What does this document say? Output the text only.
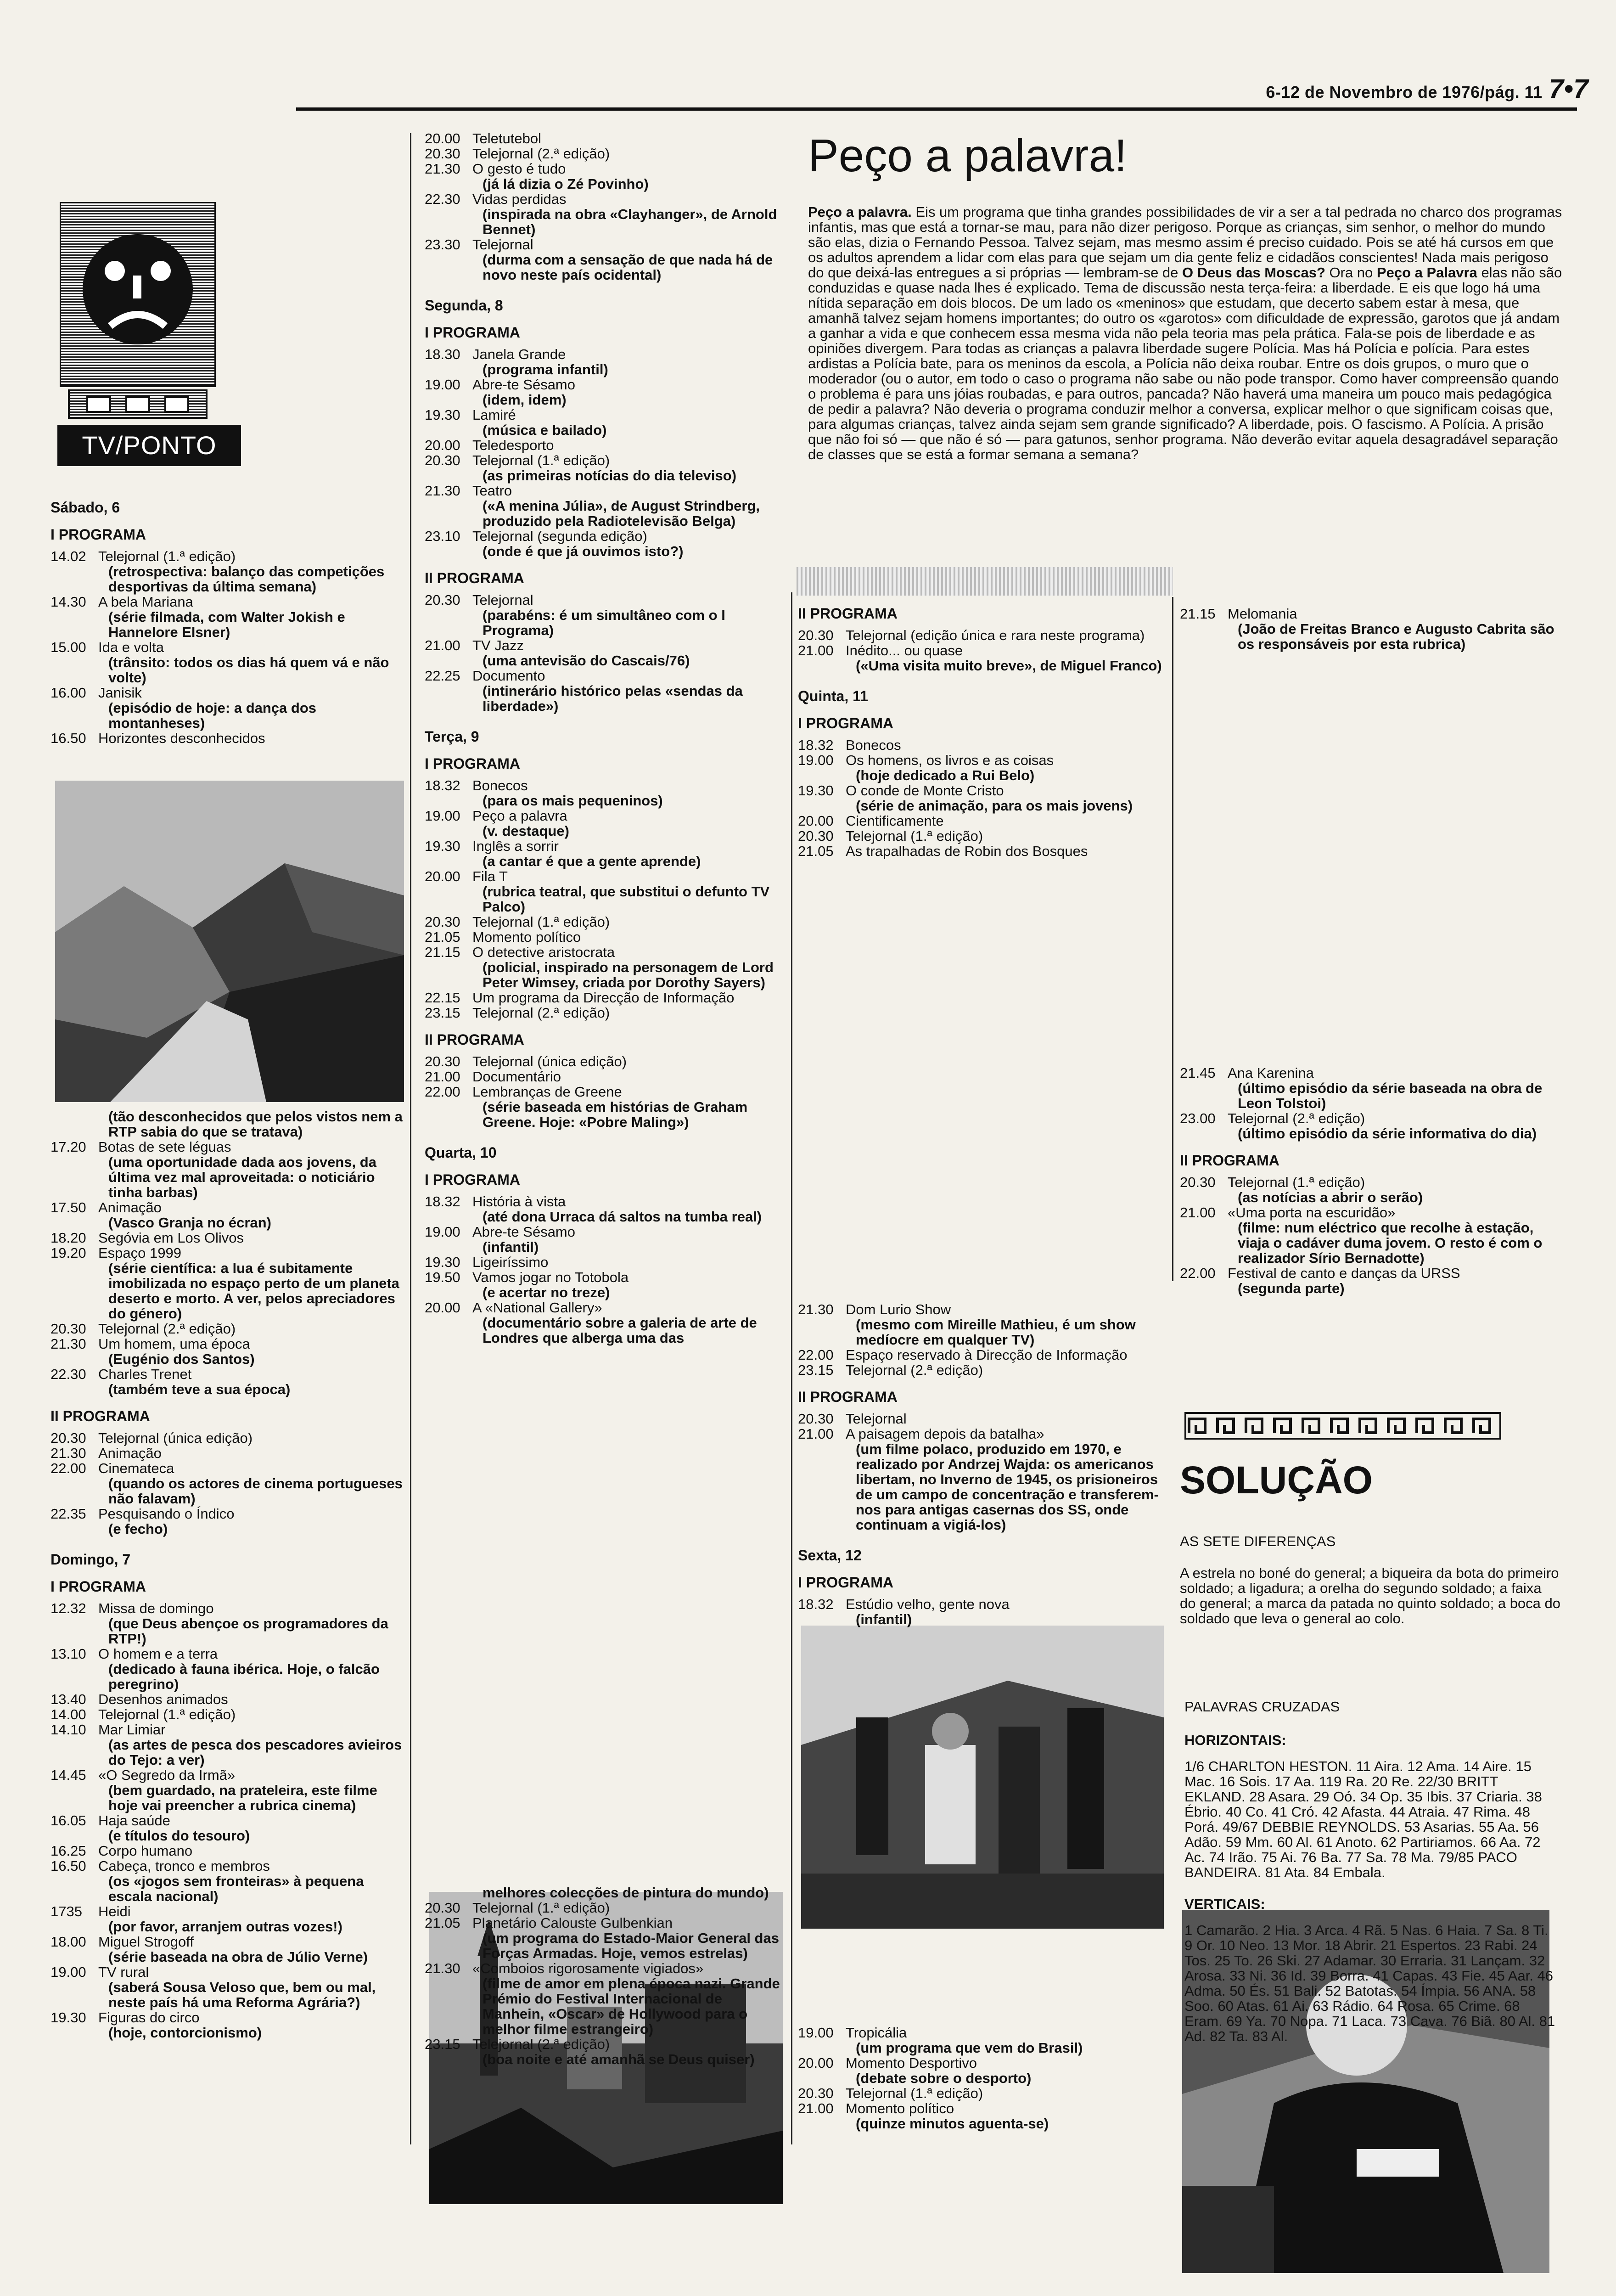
6-12 de Novembro de 1976/pág. 11 7•7
TV/PONTO
Sábado, 6
I PROGRAMA

14.02 Telejornal (1.ª edição)
(retrospectiva: balanço das competições desportivas da última semana)

14.30 A bela Mariana
(série filmada, com Walter Jokish e Hannelore Elsner)

15.00 Ida e volta
(trânsito: todos os dias há quem vá e não volte)

16.00 Janisik
(episódio de hoje: a dança dos montanheses)

16.50 Horizontes desconhecidos

(tão desconhecidos que pelos vistos nem a RTP sabia do que se tratava)

17.20 Botas de sete léguas
(uma oportunidade dada aos jovens, da última vez mal aproveitada: o noticiário tinha barbas)

17.50 Animação
(Vasco Granja no écran)

18.20 Segóvia em Los Olivos

19.20 Espaço 1999
(série científica: a lua é subitamente imobilizada no espaço perto de um planeta deserto e morto. A ver, pelos apreciadores do género)

20.30 Telejornal (2.ª edição)

21.30 Um homem, uma época
(Eugénio dos Santos)

22.30 Charles Trenet
(também teve a sua época)

II PROGRAMA

20.30 Telejornal (única edição)

21.30 Animação

22.00 Cinemateca
(quando os actores de cinema portugueses não falavam)

22.35 Pesquisando o Índico
(e fecho)

Domingo, 7
I PROGRAMA

12.32 Missa de domingo
(que Deus abençoe os programadores da RTP!)

13.10 O homem e a terra
(dedicado à fauna ibérica. Hoje, o falcão peregrino)

13.40 Desenhos animados

14.00 Telejornal (1.ª edição)

14.10 Mar Limiar
(as artes de pesca dos pescadores avieiros do Tejo: a ver)

14.45 «O Segredo da Irmã»
(bem guardado, na prateleira, este filme hoje vai preencher a rubrica cinema)

16.05 Haja saúde
(e títulos do tesouro)

16.25 Corpo humano

16.50 Cabeça, tronco e membros
(os «jogos sem fronteiras» à pequena escala nacional)

1735 Heidi
(por favor, arranjem outras vozes!)

18.00 Miguel Strogoff
(série baseada na obra de Júlio Verne)

19.00 TV rural
(saberá Sousa Veloso que, bem ou mal, neste país há uma Reforma Agrária?)

19.30 Figuras do circo
(hoje, contorcionismo)

20.00 Teletutebol

20.30 Telejornal (2.ª edição)

21.30 O gesto é tudo
(já lá dizia o Zé Povinho)

22.30 Vidas perdidas
(inspirada na obra «Clayhanger», de Arnold Bennet)

23.30 Telejornal
(durma com a sensação de que nada há de novo neste país ocidental)

Segunda, 8
I PROGRAMA

18.30 Janela Grande
(programa infantil)

19.00 Abre-te Sésamo
(idem, idem)

19.30 Lamiré
(música e bailado)

20.00 Teledesporto

20.30 Telejornal (1.ª edição)
(as primeiras notícias do dia televiso)

21.30 Teatro
(«A menina Júlia», de August Strindberg, produzido pela Radiotelevisão Belga)

23.10 Telejornal (segunda edição)
(onde é que já ouvimos isto?)

II PROGRAMA

20.30 Telejornal
(parabéns: é um simultâneo com o I Programa)

21.00 TV Jazz
(uma antevisão do Cascais/76)

22.25 Documento
(intinerário histórico pelas «sendas da liberdade»)

Terça, 9
I PROGRAMA

18.32 Bonecos
(para os mais pequeninos)

19.00 Peço a palavra
(v. destaque)

19.30 Inglês a sorrir
(a cantar é que a gente aprende)

20.00 Fila T
(rubrica teatral, que substitui o defunto TV Palco)

20.30 Telejornal (1.ª edição)

21.05 Momento político

21.15 O detective aristocrata
(policial, inspirado na personagem de Lord Peter Wimsey, criada por Dorothy Sayers)

22.15 Um programa da Direcção de Informação

23.15 Telejornal (2.ª edição)

II PROGRAMA

20.30 Telejornal (única edição)

21.00 Documentário

22.00 Lembranças de Greene
(série baseada em histórias de Graham Greene. Hoje: «Pobre Maling»)

Quarta, 10
I PROGRAMA

18.32 História à vista
(até dona Urraca dá saltos na tumba real)

19.00 Abre-te Sésamo
(infantil)

19.30 Ligeiríssimo

19.50 Vamos jogar no Totobola
(e acertar no treze)

20.00 A «National Gallery»
(documentário sobre a galeria de arte de Londres que alberga uma das

melhores colecções de pintura do mundo)

20.30 Telejornal (1.ª edição)

21.05 Planetário Calouste Gulbenkian
(um programa do Estado-Maior General das Forças Armadas. Hoje, vemos estrelas)

21.30 «Comboios rigorosamente vigiados»
(filme de amor em plena época nazi. Grande Prémio do Festival Internacional de Manhein, «Oscar» de Hollywood para o melhor filme estrangeiro)

23.15 Telejornal (2.ª edição)
(boa noite e até amanhã se Deus quiser)

Peço a palavra!
Peço a palavra. Eis um programa que tinha grandes possibilidades de vir a ser a tal pedrada no charco dos programas infantis, mas que está a tornar-se mau, para não dizer perigoso. Porque as crianças, sim senhor, o melhor do mundo são elas, dizia o Fernando Pessoa. Talvez sejam, mas mesmo assim é preciso cuidado. Pois se até há cursos em que os adultos aprendem a lidar com elas para que sejam um dia gente feliz e cidadãos conscientes! Nada mais perigoso do que deixá-las entregues a si próprias — lembram-se de O Deus das Moscas? Ora no Peço a Palavra elas não são conduzidas e quase nada lhes é explicado. Tema de discussão nesta terça-feira: a liberdade. E eis que logo há uma nítida separação em dois blocos. De um lado os «meninos» que estudam, que decerto sabem estar à mesa, que amanhã talvez sejam homens importantes; do outro os «garotos» com dificuldade de expressão, garotos que já andam a ganhar a vida e que conhecem essa mesma vida não pela teoria mas pela prática. Fala-se pois de liberdade e as opiniões divergem. Para todas as crianças a palavra liberdade sugere Polícia. Mas há Polícia e polícia. Para estes ardistas a Polícia bate, para os meninos da escola, a Polícia não deixa roubar. Entre os dois grupos, o muro que o moderador (ou o autor, em todo o caso o programa não sabe ou não pode transpor. Como haver compreensão quando o problema é para uns jóias roubadas, e para outros, pancada? Não haverá uma maneira um pouco mais pedagógica de pedir a palavra? Não deveria o programa conduzir melhor a conversa, explicar melhor o que significam coisas que, para algumas crianças, talvez ainda sejam sem grande significado? A liberdade, pois. O fascismo. A Polícia. A prisão que não foi só — que não é só — para gatunos, senhor programa. Não deverão evitar aquela desagradável separação de classes que se está a formar semana a semana?
II PROGRAMA

20.30 Telejornal (edição única e rara neste programa)

21.00 Inédito... ou quase
(«Uma visita muito breve», de Miguel Franco)

Quinta, 11
I PROGRAMA

18.32 Bonecos

19.00 Os homens, os livros e as coisas
(hoje dedicado a Rui Belo)

19.30 O conde de Monte Cristo
(série de animação, para os mais jovens)

20.00 Cientificamente

20.30 Telejornal (1.ª edição)

21.05 As trapalhadas de Robin dos Bosques

21.30 Dom Lurio Show
(mesmo com Mireille Mathieu, é um show medíocre em qualquer TV)

22.00 Espaço reservado à Direcção de Informação

23.15 Telejornal (2.ª edição)

II PROGRAMA

20.30 Telejornal

21.00 A paisagem depois da batalha»
(um filme polaco, produzido em 1970, e realizado por Andrzej Wajda: os americanos libertam, no Inverno de 1945, os prisioneiros de um campo de concentração e transferem-nos para antigas casernas dos SS, onde continuam a vigiá-los)

Sexta, 12
I PROGRAMA

18.32 Estúdio velho, gente nova
(infantil)

19.00 Tropicália
(um programa que vem do Brasil)

20.00 Momento Desportivo
(debate sobre o desporto)

20.30 Telejornal (1.ª edição)

21.00 Momento político
(quinze minutos aguenta-se)

21.15 Melomania
(João de Freitas Branco e Augusto Cabrita são os responsáveis por esta rubrica)

21.45 Ana Karenina
(último episódio da série baseada na obra de Leon Tolstoi)

23.00 Telejornal (2.ª edição)
(último episódio da série informativa do dia)

II PROGRAMA

20.30 Telejornal (1.ª edição)
(as notícias a abrir o serão)

21.00 «Uma porta na escuridão»
(filme: num eléctrico que recolhe à estação, viaja o cadáver duma jovem. O resto é com o realizador Sírio Bernadotte)

22.00 Festival de canto e danças da URSS
(segunda parte)

SOLUÇÃO
AS SETE DIFERENÇAS
A estrela no boné do general; a biqueira da bota do primeiro soldado; a ligadura; a orelha do segundo soldado; a faixa do general; a marca da patada no quinto soldado; a boca do soldado que leva o general ao colo.
PALAVRAS CRUZADAS
HORIZONTAIS:
1/6 CHARLTON HESTON. 11 Aira. 12 Ama. 14 Aire. 15 Mac. 16 Sois. 17 Aa. 119 Ra. 20 Re. 22/30 BRITT EKLAND. 28 Asara. 29 Oó. 34 Op. 35 Ibis. 37 Criaria. 38 Ébrio. 40 Co. 41 Cró. 42 Afasta. 44 Atraia. 47 Rima. 48 Porá. 49/67 DEBBIE REYNOLDS. 53 Asarias. 55 Aa. 56 Adão. 59 Mm. 60 Al. 61 Anoto. 62 Partiriamos. 66 Aa. 72 Ac. 74 Irão. 75 Ai. 76 Ba. 77 Sa. 78 Ma. 79/85 PACO BANDEIRA. 81 Ata. 84 Embala.
VERTICAIS:
1 Camarão. 2 Hia. 3 Arca. 4 Rã. 5 Nas. 6 Haia. 7 Sa. 8 Ti. 9 Or. 10 Neo. 13 Mor. 18 Abrir. 21 Espertos. 23 Rabi. 24 Tos. 25 To. 26 Ski. 27 Adamar. 30 Erraria. 31 Lançam. 32 Arosa. 33 Ni. 36 Id. 39 Borra. 41 Capas. 43 Fie. 45 Aar. 46 Adma. 50 És. 51 Bali. 52 Batotas. 54 Ímpia. 56 ANA. 58 Soo. 60 Atas. 61 Ai. 63 Rádio. 64 Rosa. 65 Crime. 68 Eram. 69 Ya. 70 Nopa. 71 Laca. 73 Cava. 76 Biã. 80 Al. 81 Ad. 82 Ta. 83 Al.
